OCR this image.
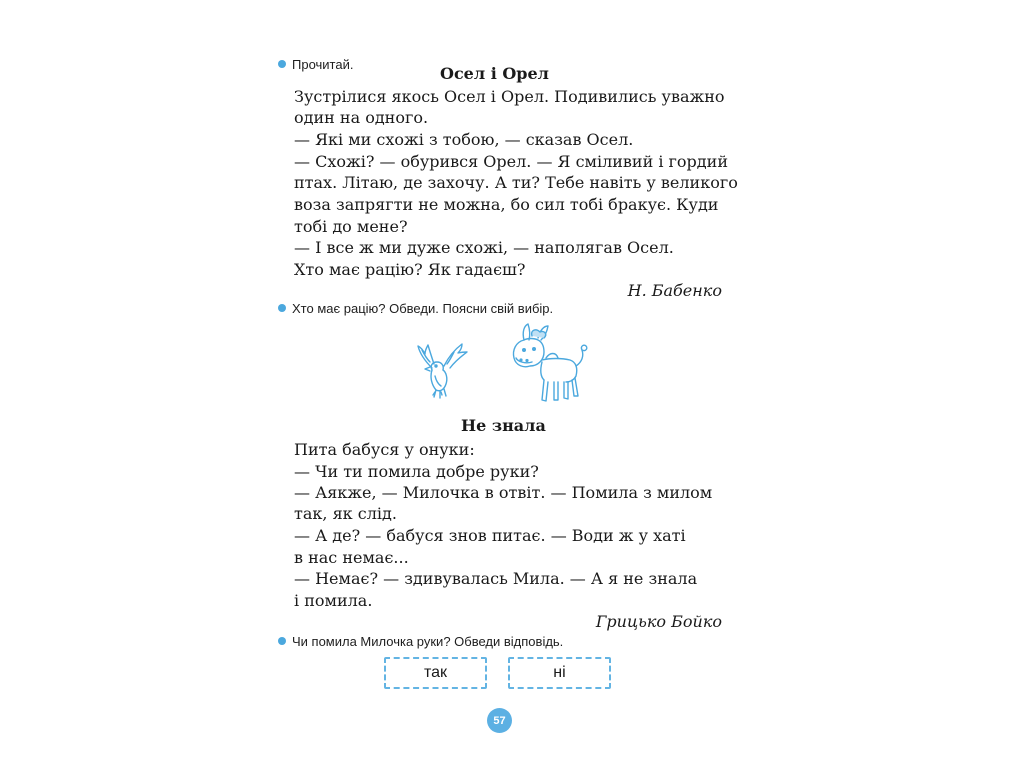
Прочитай.	Осел і Орел
Зустрілися якось Осел і Орел. Подивились уважно
один на одного.
— Які ми схожі з тобою, — сказав Осел.
— Схожі? — обурився Орел. — Я сміливий і гордий
птах. Літаю, де захочу. А ти? Тебе навіть у великого
воза запрягти не можна, бо сил тобі бракує. Куди
тобі до мене?
— І все ж ми дуже схожі, — наполягав Осел.
Хто має рацію? Як гадаєш?
Н. Бабенко
Хто має рацію? Обведи. Поясни свій вибір.
Не знала
Пита бабуся у онуки:
— Чи ти помила добре руки?
— Аякже, — Милочка в отвіт. — Помила з милом
так, як слід.
— А де? — бабуся знов питає. — Води ж у хаті
в нас немає...
— Немає? — здивувалась Мила. — А я не знала
і помила.
Грицько Бойко
Чи помила Милочка руки? Обведи відповідь.
так	ні
57
